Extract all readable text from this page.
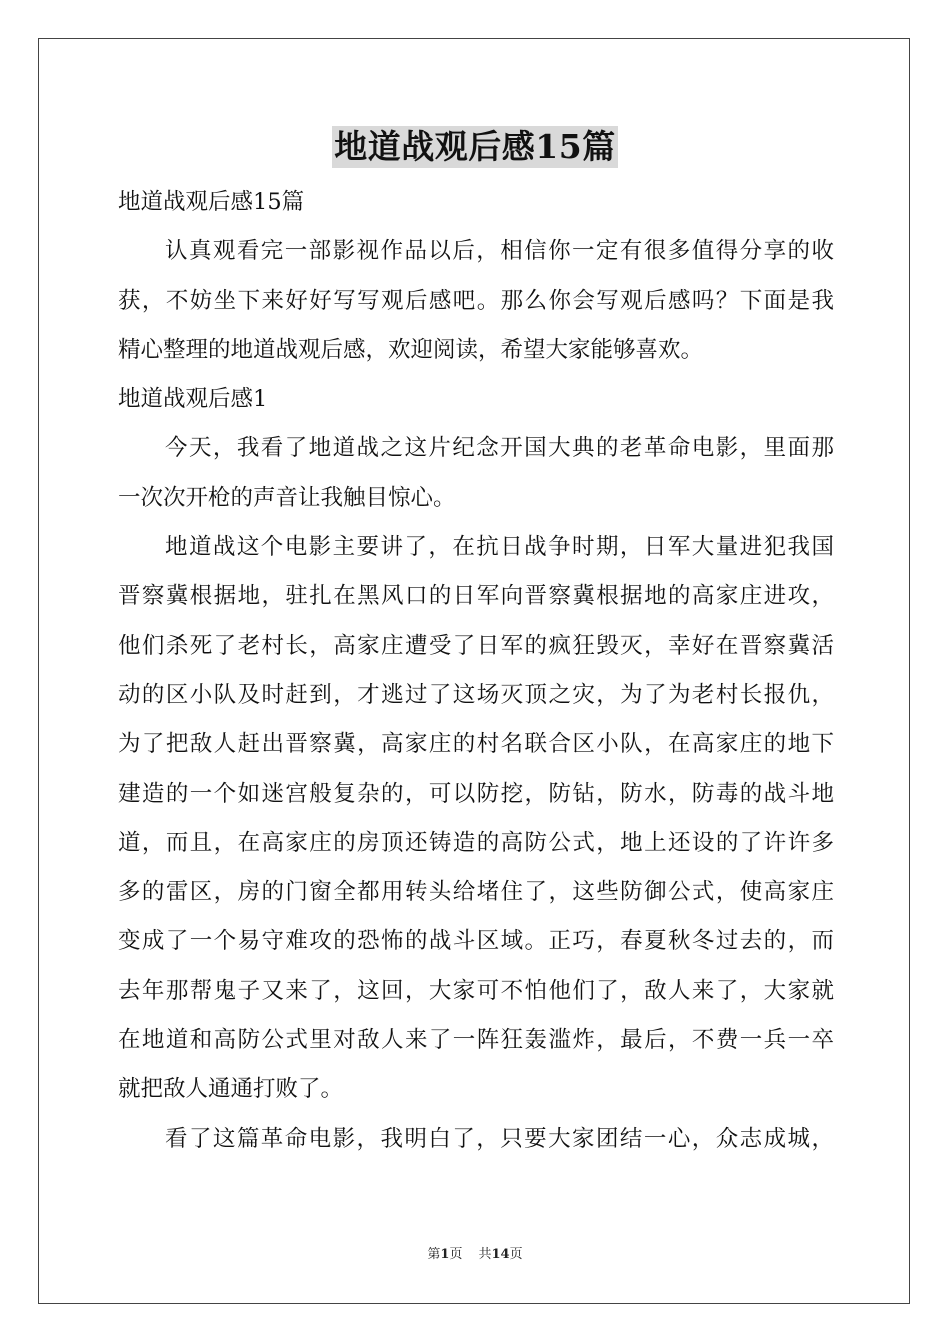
地道战观后感15篇
地道战观后感15篇
认真观看完一部影视作品以后，相信你一定有很多值得分享的收
获，不妨坐下来好好写写观后感吧。那么你会写观后感吗？下面是我
精心整理的地道战观后感，欢迎阅读，希望大家能够喜欢。
地道战观后感1
今天，我看了地道战之这片纪念开国大典的老革命电影，里面那
一次次开枪的声音让我触目惊心。
地道战这个电影主要讲了，在抗日战争时期，日军大量进犯我国
晋察冀根据地，驻扎在黑风口的日军向晋察冀根据地的高家庄进攻，
他们杀死了老村长，高家庄遭受了日军的疯狂毁灭，幸好在晋察冀活
动的区小队及时赶到，才逃过了这场灭顶之灾，为了为老村长报仇，
为了把敌人赶出晋察冀，高家庄的村名联合区小队，在高家庄的地下
建造的一个如迷宫般复杂的，可以防挖，防钻，防水，防毒的战斗地
道，而且，在高家庄的房顶还铸造的高防公式，地上还设的了许许多
多的雷区，房的门窗全都用转头给堵住了，这些防御公式，使高家庄
变成了一个易守难攻的恐怖的战斗区域。正巧，春夏秋冬过去的，而
去年那帮鬼子又来了，这回，大家可不怕他们了，敌人来了，大家就
在地道和高防公式里对敌人来了一阵狂轰滥炸，最后，不费一兵一卒
就把敌人通通打败了。
看了这篇革命电影，我明白了，只要大家团结一心，众志成城，
第1页 共14页
